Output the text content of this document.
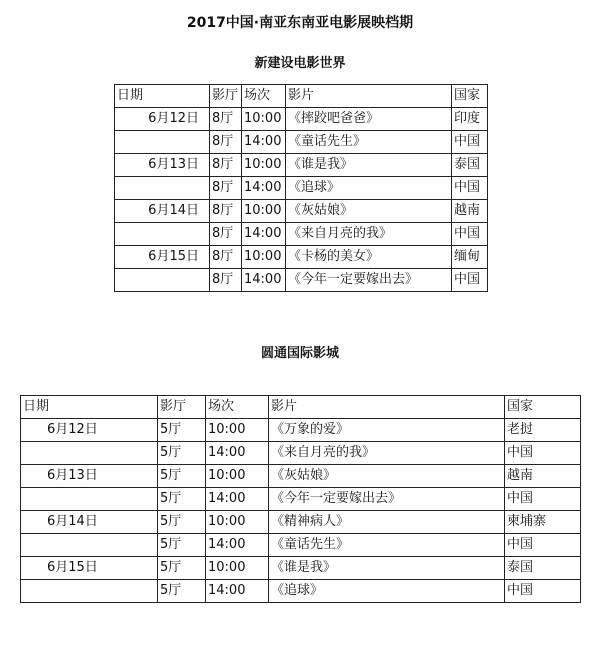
2017中国·南亚东南亚电影展映档期
新建设电影世界
日期	影厅	场次	影片	国家
6月12日	8厅	10:00	《摔跤吧爸爸》	印度
	8厅	14:00	《童话先生》	中国
6月13日	8厅	10:00	《谁是我》	泰国
	8厅	14:00	《追球》	中国
6月14日	8厅	10:00	《灰姑娘》	越南
	8厅	14:00	《来自月亮的我》	中国
6月15日	8厅	10:00	《卡杨的美女》	缅甸
	8厅	14:00	《今年一定要嫁出去》	中国
圆通国际影城
日期	影厅	场次	影片	国家
6月12日	5厅	10:00	《万象的爱》	老挝
	5厅	14:00	《来自月亮的我》	中国
6月13日	5厅	10:00	《灰姑娘》	越南
	5厅	14:00	《今年一定要嫁出去》	中国
6月14日	5厅	10:00	《精神病人》	柬埔寨
	5厅	14:00	《童话先生》	中国
6月15日	5厅	10:00	《谁是我》	泰国
	5厅	14:00	《追球》	中国
